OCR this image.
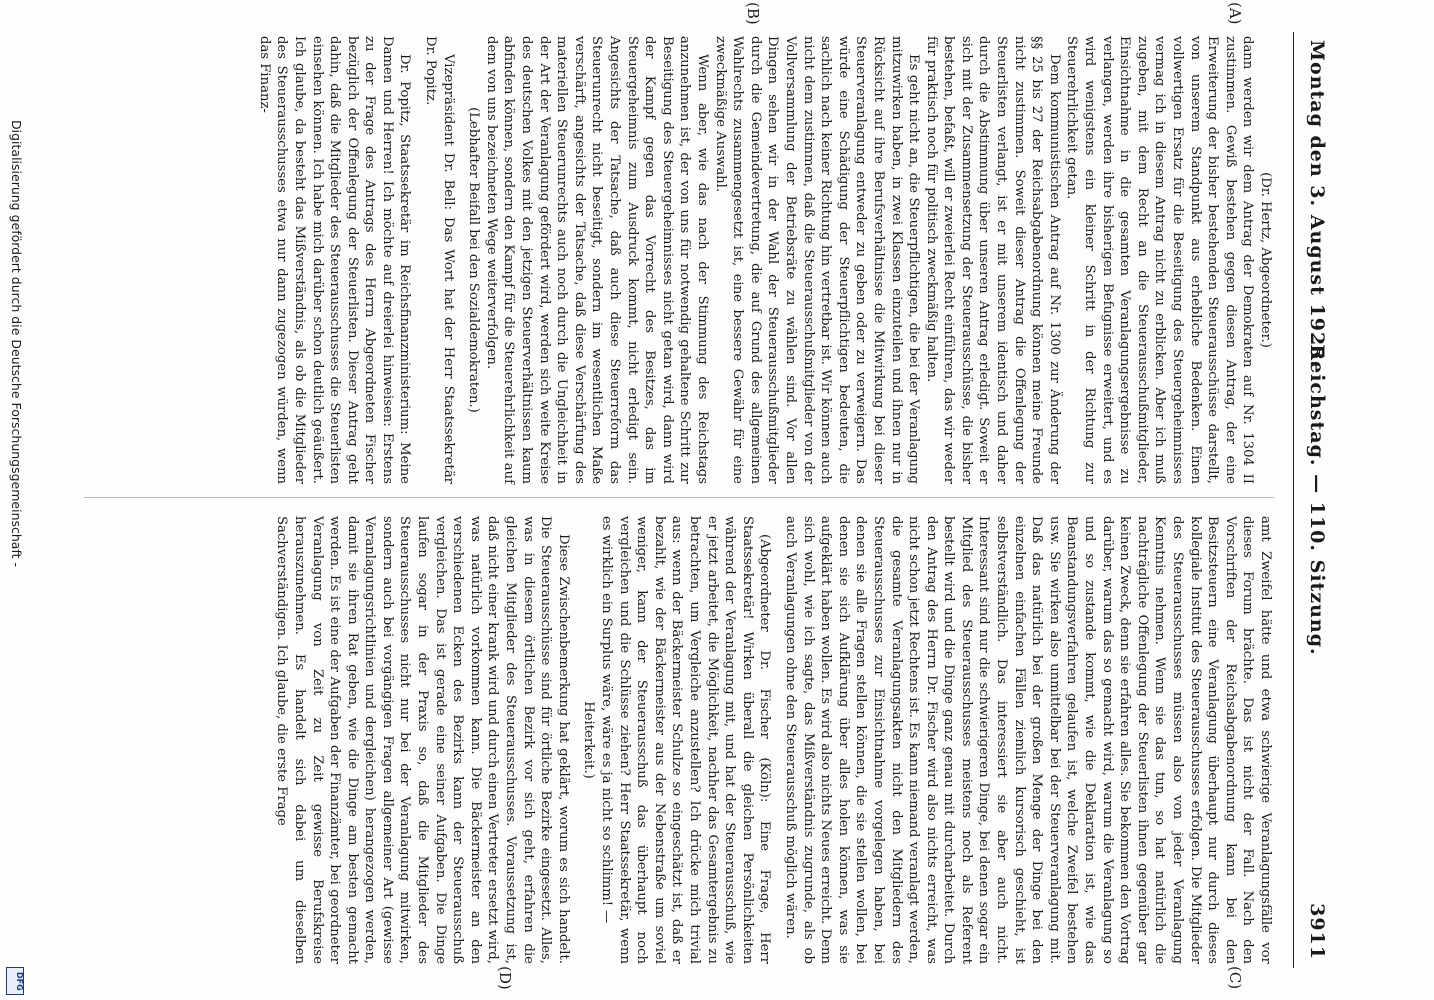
Montag den 3. August 1925.
Reichstag. — 110. Sitzung.
3911
(C)
(A)
(D)
(B)

(Dr. Hertz, Abgeordneter.)

dann werden wir dem Antrag der Demokraten auf Nr. 1304 II zustimmen. Gewiß bestehen gegen diesen Antrag, der eine Erweiterung der bisher bestehenden Steuerausschüsse darstellt, von unserem Standpunkt aus erhebliche Bedenken. Einen vollwertigen Ersatz für die Beseitigung des Steuergeheimnisses vermag ich in diesem Antrag nicht zu erblicken. Aber ich muß zugeben, mit dem Recht an die Steuerausschußmitglieder, Einsichtnahme in die gesamten Veranlagungsergebnisse zu verlangen, werden ihre bisherigen Befugnisse erweitert, und es wird wenigstens ein kleiner Schritt in der Richtung zur Steuerehrlichkeit getan.

Dem kommunistischen Antrag auf Nr. 1300 zur Änderung der §§ 25 bis 27 der Reichsabgabenordnung können meine Freunde nicht zustimmen. Soweit dieser Antrag die Offenlegung der Steuerlisten verlangt, ist er mit unserem identisch und daher durch die Abstimmung über unseren Antrag erledigt. Soweit er sich mit der Zusammensetzung der Steuerausschüsse, die bisher bestehen, befaßt, will er zweierlei Recht einführen, das wir weder für praktisch noch für politisch zweckmäßig halten.

Es geht nicht an, die Steuerpflichtigen, die bei der Veranlagung mitzuwirken haben, in zwei Klassen einzuteilen und ihnen nur in Rücksicht auf ihre Berufsverhältnisse die Mitwirkung bei dieser Steuerveranlagung entweder zu geben oder zu verweigern. Das würde eine Schädigung der Steuerpflichtigen bedeuten, die sachlich nach keiner Richtung hin vertretbar ist. Wir können auch nicht dem zustimmen, daß die Steuerausschußmitglieder von der Vollversammlung der Betriebsräte zu wählen sind. Vor allen Dingen sehen wir in der Wahl der Steuerausschußmitglieder durch die Gemeindevertretung, die auf Grund des allgemeinen Wahlrechts zusammengesetzt ist, eine bessere Gewähr für eine zweckmäßige Auswahl.

Wenn aber, wie das nach der Stimmung des Reichstags anzunehmen ist, der von uns für notwendig gehaltene Schritt zur Beseitigung des Steuergeheimnisses nicht getan wird, dann wird der Kampf gegen das Vorrecht des Besitzes, das im Steuergeheimnis zum Ausdruck kommt, nicht erledigt sein. Angesichts der Tatsache, daß auch diese Steuerreform das Steuerunrecht nicht beseitigt, sondern im wesentlichen Maße verschärft, angesichts der Tatsache, daß diese Verschärfung des materiellen Steuerunrechts auch noch durch die Ungleichheit in der Art der Veranlagung gefördert wird, werden sich weite Kreise des deutschen Volkes mit den jetzigen Steuerverhältnissen kaum abfinden können, sondern den Kampf für die Steuerehrlichkeit auf dem von uns bezeichneten Wege weiterverfolgen.

(Lebhafter Beifall bei den Sozialdemokraten.)

Vizepräsident Dr. Bell: Das Wort hat der Herr Staatssekretär Dr. Popitz.

Dr. Popitz, Staatssekretär im Reichsfinanzministerium: Meine Damen und Herren! Ich möchte auf dreierlei hinweisen: Erstens zu der Frage des Antrags des Herrn Abgeordneten Fischer bezüglich der Offenlegung der Steuerlisten. Dieser Antrag geht dahin, daß die Mitglieder des Steuerausschusses die Steuerlisten einsehen können. Ich habe mich darüber schon deutlich geäußert. Ich glaube, da besteht das Mißverständnis, als ob die Mitglieder des Steuerausschusses etwa nur dann zugezogen würden, wenn das Finanz-

amt Zweifel hätte und etwa schwierige Veranlagungsfälle vor dieses Forum brächte. Das ist nicht der Fall. Nach den Vorschriften der Reichsabgabenordnung kann bei den Besitzsteuern eine Veranlagung überhaupt nur durch dieses kollegiale Institut des Steuerausschusses erfolgen. Die Mitglieder des Steuerausschusses müssen also von jeder Veranlagung Kenntnis nehmen. Wenn sie das tun, so hat natürlich die nachträgliche Offenlegung der Steuerlisten ihnen gegenüber gar keinen Zweck, denn sie erfahren alles. Sie bekommen den Vortrag darüber, warum das so gemacht wird, warum die Veranlagung so und so zustande kommt, wie die Deklaration ist, wie das Beanstandungsverfahren gelaufen ist, welche Zweifel bestehen usw. Sie wirken also unmittelbar bei der Steuerveranlagung mit. Daß das natürlich bei der großen Menge der Dinge bei den einzelnen einfachen Fällen ziemlich kursorisch geschieht, ist selbstverständlich. Das interessiert sie aber auch nicht. Interessant sind nur die schwierigeren Dinge, bei denen sogar ein Mitglied des Steuerausschusses meistens noch als Referent bestellt wird und die Dinge ganz genau mit durcharbeitet. Durch den Antrag des Herrn Dr. Fischer wird also nichts erreicht, was nicht schon jetzt Rechtens ist. Es kann niemand veranlagt werden, die gesamte Veranlagungsakten nicht den Mitgliedern des Steuerausschusses zur Einsichtnahme vorgelegen haben, bei denen sie alle Fragen stellen können, die sie stellen wollen, bei denen sie sich Aufklärung über alles holen können, was sie aufgeklärt haben wollen. Es wird also nichts Neues erreicht. Denn sich wohl, wie ich sagte, das Mißverständnis zugrunde, als ob auch Veranlagungen ohne den Steuerausschuß möglich wären.

(Abgeordneter Dr. Fischer (Köln): Eine Frage, Herr Staatssekretär! Wirken überall die gleichen Persönlichkeiten während der Veranlagung mit, und hat der Steuerausschuß, wie er jetzt arbeitet, die Möglichkeit, nachher das Gesamtergebnis zu betrachten, um Vergleiche anzustellen? Ich drücke mich trivial aus: wenn der Bäckermeister Schulze so eingeschätzt ist, daß er bezahlt, wie der Bäckermeister aus der Nebenstraße um soviel weniger, kann der Steuerausschuß das überhaupt noch vergleichen und die Schlüsse ziehen? Herr Staatssekretär, wenn es wirklich ein Surplus wäre, wäre es ja nicht so schlimm! —

Heiterkeit.)

Diese Zwischenbemerkung hat geklärt, worum es sich handelt. Die Steuerausschüsse sind für örtliche Bezirke eingesetzt. Alles, was in diesem örtlichen Bezirk vor sich geht, erfahren die gleichen Mitglieder des Steuerausschusses. Voraussetzung ist, daß nicht einer krank wird und durch einen Vertreter ersetzt wird, was natürlich vorkommen kann. Die Bäckermeister an den verschiedenen Ecken des Bezirks kann der Steuerausschuß vergleichen. Das ist gerade eine seiner Aufgaben. Die Dinge laufen sogar in der Praxis so, daß die Mitglieder des Steuerausschusses nicht nur bei der Veranlagung mitwirken, sondern auch bei vorgängigen Fragen allgemeiner Art (gewisse Veranlagungsrichtlinien und dergleichen) herangezogen werden, damit sie ihren Rat geben, wie die Dinge am besten gemacht werden. Es ist eine der Aufgaben der Finanzämter, bei geordneter Veranlagung von Zeit zu Zeit gewisse Berufskreise herauszunehmen. Es handelt sich dabei um dieselben Sachverständigen. Ich glaube, die erste Frage

Digitalisierung gefördert durch die Deutsche Forschungsgemeinschaft -
DFG
